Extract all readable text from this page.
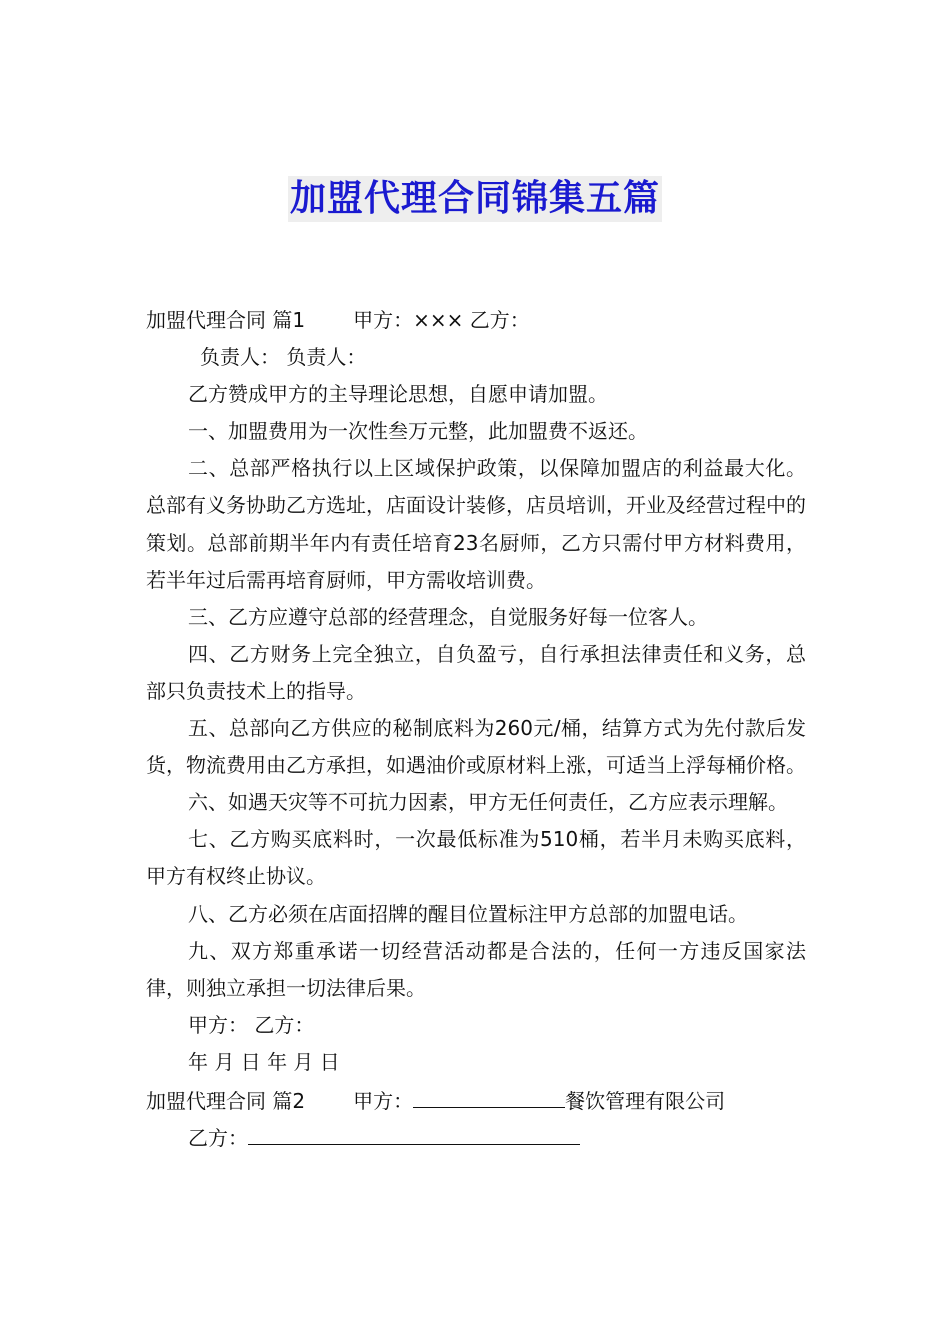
加盟代理合同锦集五篇
加盟代理合同 篇1 甲方：××× 乙方：
负责人： 负责人：
乙方赞成甲方的主导理论思想，自愿申请加盟。
一、加盟费用为一次性叁万元整，此加盟费不返还。
二、总部严格执行以上区域保护政策，以保障加盟店的利益最大化。总部有义务协助乙方选址，店面设计装修，店员培训，开业及经营过程中的策划。总部前期半年内有责任培育23名厨师，乙方只需付甲方材料费用，若半年过后需再培育厨师，甲方需收培训费。
三、乙方应遵守总部的经营理念，自觉服务好每一位客人。
四、乙方财务上完全独立，自负盈亏，自行承担法律责任和义务，总部只负责技术上的指导。
五、总部向乙方供应的秘制底料为260元/桶，结算方式为先付款后发货，物流费用由乙方承担，如遇油价或原材料上涨，可适当上浮每桶价格。
六、如遇天灾等不可抗力因素，甲方无任何责任，乙方应表示理解。
七、乙方购买底料时，一次最低标准为510桶，若半月未购买底料，甲方有权终止协议。
八、乙方必须在店面招牌的醒目位置标注甲方总部的加盟电话。
九、双方郑重承诺一切经营活动都是合法的，任何一方违反国家法律，则独立承担一切法律后果。
甲方： 乙方：
年 月 日 年 月 日
加盟代理合同 篇2 甲方：	餐饮管理有限公司
乙方：
